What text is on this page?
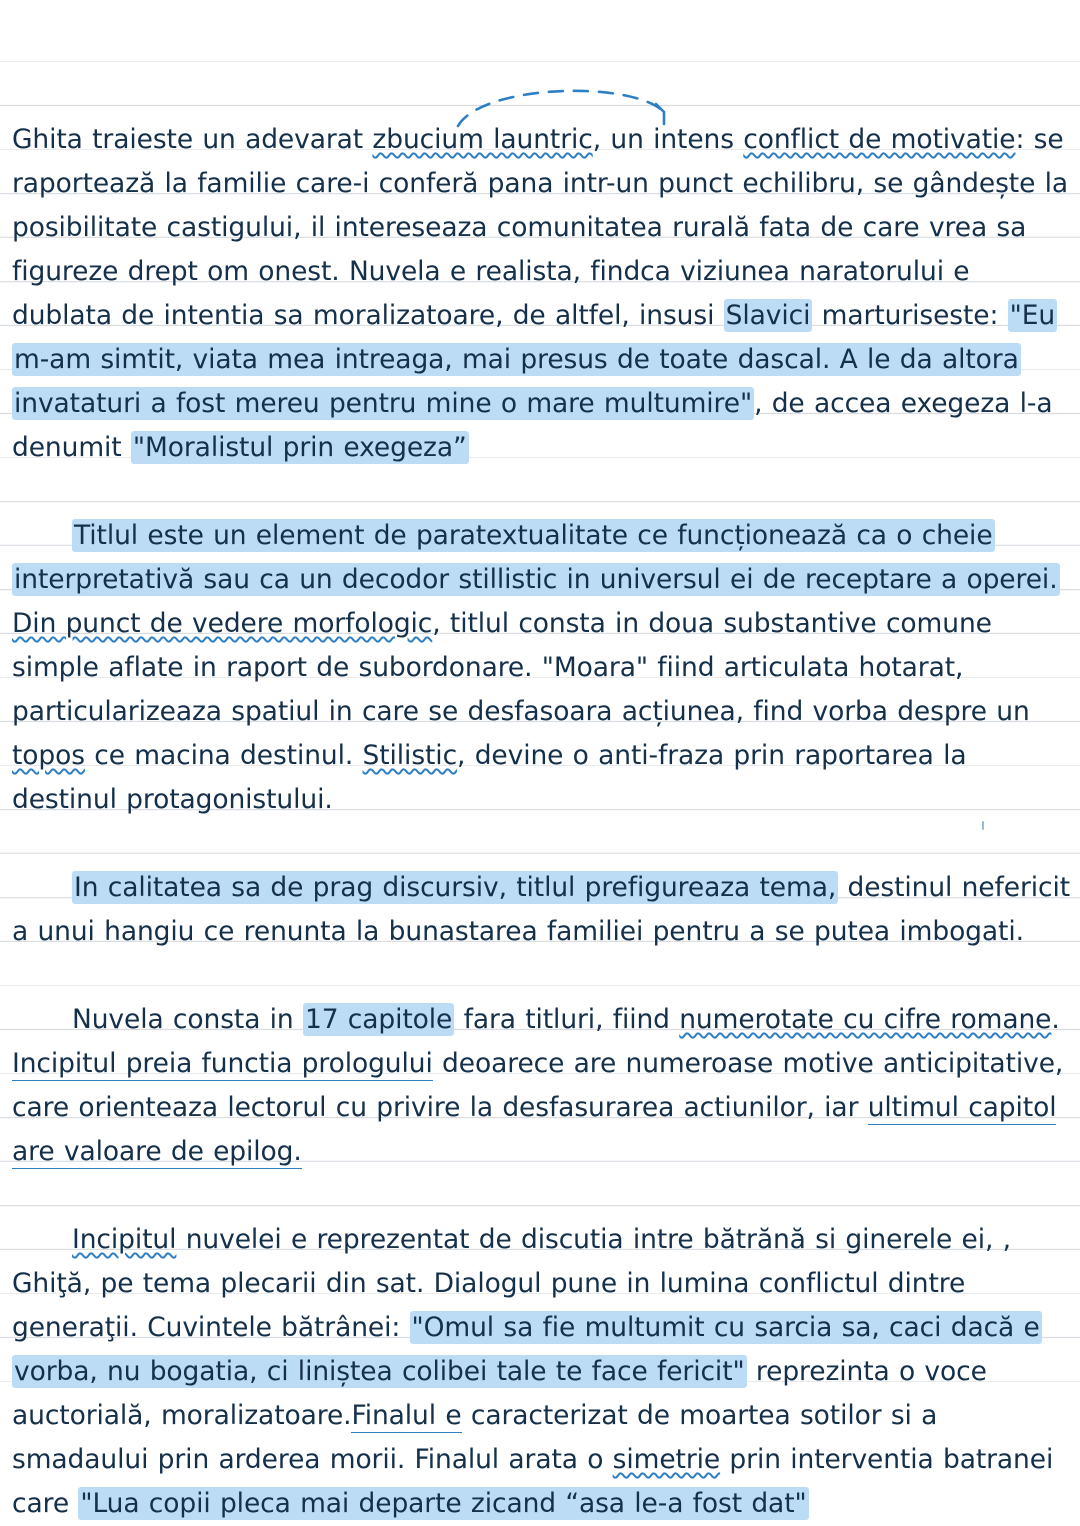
Ghita traieste un adevarat zbucium launtric, un intens conflict de motivatie: se raportează la familie care-i conferă pana intr-un punct echilibru, se gândește la posibilitate castigului, il intereseaza comunitatea rurală fata de care vrea sa figureze drept om onest. Nuvela e realista, findca viziunea naratorului e dublata de intentia sa moralizatoare, de altfel, insusi Slavici marturiseste: "Eu m-am simtit, viata mea intreaga, mai presus de toate dascal. A le da altora invataturi a fost mereu pentru mine o mare multumire", de accea exegeza l-a denumit "Moralistul prin exegeza”

Titlul este un element de paratextualitate ce funcționează ca o cheie interpretativă sau ca un decodor stillistic in universul ei de receptare a operei. Din punct de vedere morfologic, titlul consta in doua substantive comune simple aflate in raport de subordonare. "Moara" fiind articulata hotarat, particularizeaza spatiul in care se desfasoara acțiunea, find vorba despre un topos ce macina destinul. Stilistic, devine o anti-fraza prin raportarea la destinul protagonistului.

In calitatea sa de prag discursiv, titlul prefigureaza tema, destinul nefericit a unui hangiu ce renunta la bunastarea familiei pentru a se putea imbogati.

Nuvela consta in 17 capitole fara titluri, fiind numerotate cu cifre romane. Incipitul preia functia prologului deoarece are numeroase motive anticipitative, care orienteaza lectorul cu privire la desfasurarea actiunilor, iar ultimul capitol are valoare de epilog.

Incipitul nuvelei e reprezentat de discutia intre bătrănă si ginerele ei, , Ghiţă, pe tema plecarii din sat. Dialogul pune in lumina conflictul dintre generaţii. Cuvintele bătrânei: "Omul sa fie multumit cu sarcia sa, caci dacă e vorba, nu bogatia, ci liniștea colibei tale te face fericit" reprezinta o voce auctorială, moralizatoare.Finalul e caracterizat de moartea sotilor si a smadaului prin arderea morii. Finalul arata o simetrie prin interventia batranei care "Lua copii pleca mai departe zicand “asa le-a fost dat"
